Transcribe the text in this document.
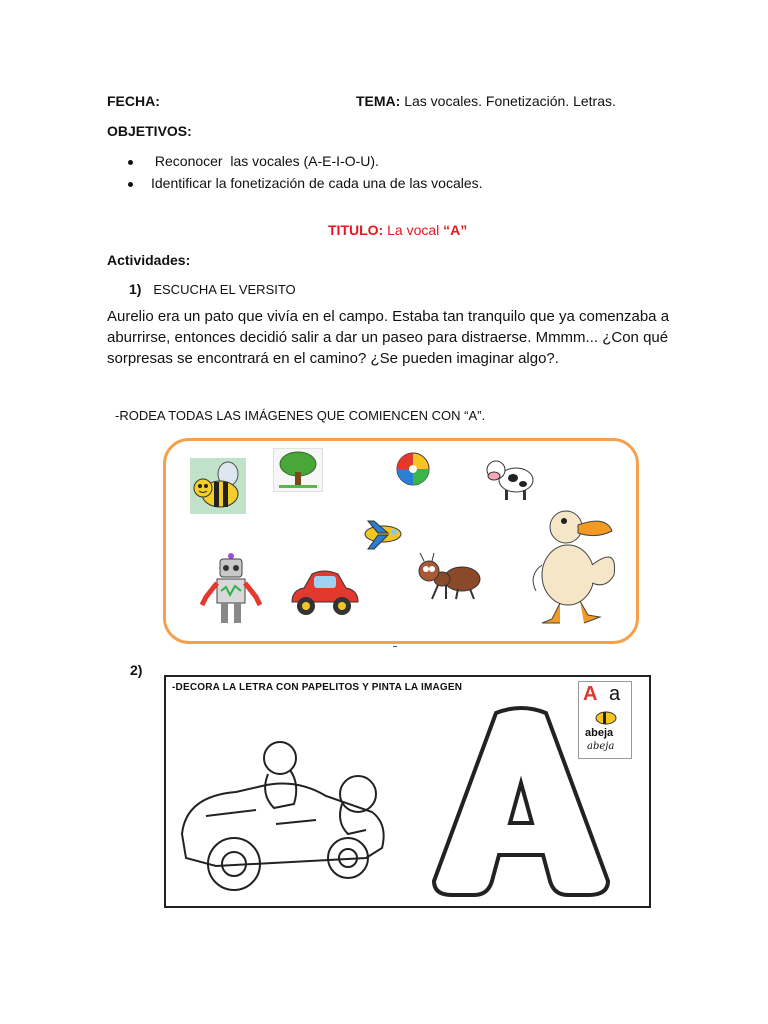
FECHA:	TEMA: Las vocales. Fonetización. Letras.
OBJETIVOS:
Reconocer  las vocales (A-E-I-O-U).
Identificar la fonetización de cada una de las vocales.
TITULO: La vocal “A”
Actividades:
1) ESCUCHA EL VERSITO
Aurelio era un pato que vivía en el campo. Estaba tan tranquilo que ya comenzaba a
aburrirse, entonces decidió salir a dar un paseo para distraerse. Mmmm... ¿Con qué
sorpresas se encontrará en el camino? ¿Se pueden imaginar algo?.
-RODEA TODAS LAS IMÁGENES QUE COMIENCEN CON “A”.
2)
-DECORA LA LETRA CON PAPELITOS Y PINTA LA IMAGEN	A a
abeja
abeja
